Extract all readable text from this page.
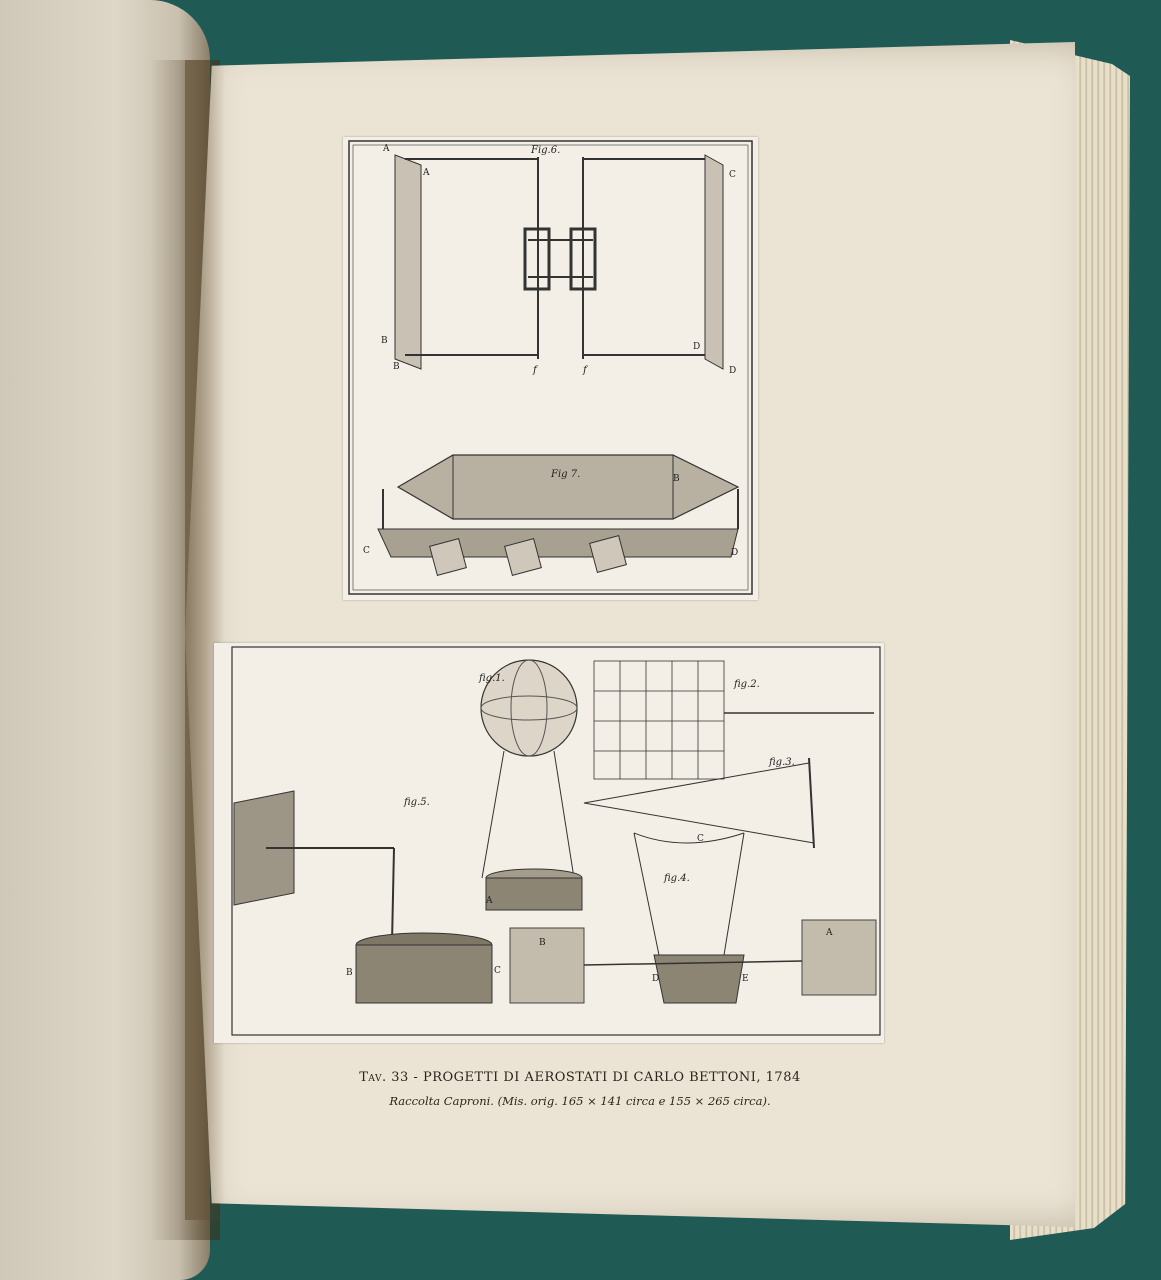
Fig.6.
A
A	C
B
B
D
D
f	f
Fig 7.	B
C	D
fig.1.
A
fig.2.
fig.3.
fig.5.
B	C
fig.4.
A
B
C
D	E
Tav. 33 - PROGETTI DI AEROSTATI DI CARLO BETTONI, 1784
Raccolta Caproni. (Mis. orig. 165 × 141 circa e 155 × 265 circa).
